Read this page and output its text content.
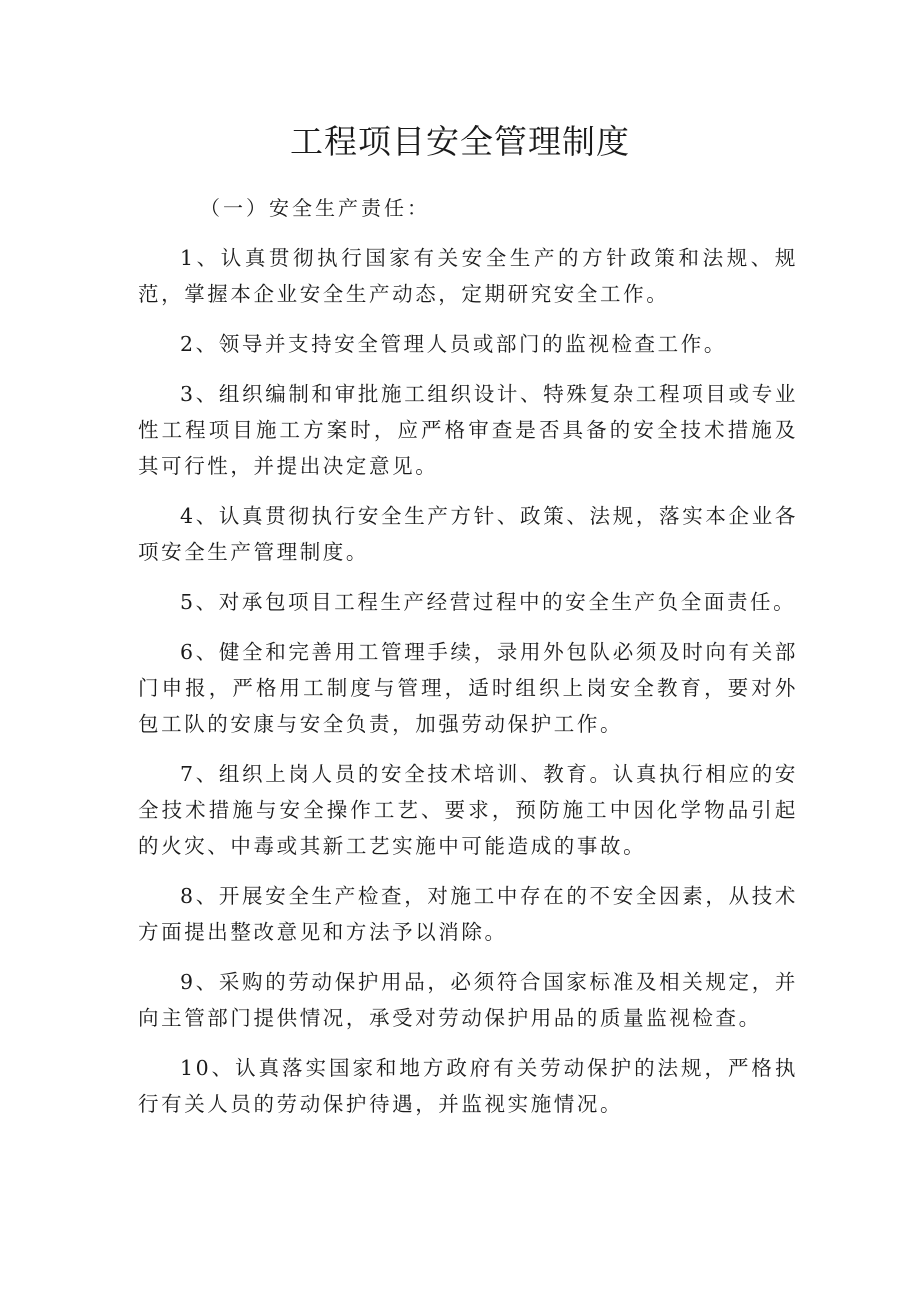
工程项目安全管理制度

（一）安全生产责任：

1、认真贯彻执行国家有关安全生产的方针政策和法规、规范，掌握本企业安全生产动态，定期研究安全工作。

2、领导并支持安全管理人员或部门的监视检查工作。

3、组织编制和审批施工组织设计、特殊复杂工程项目或专业性工程项目施工方案时，应严格审查是否具备的安全技术措施及其可行性，并提出决定意见。

4、认真贯彻执行安全生产方针、政策、法规，落实本企业各项安全生产管理制度。

5、对承包项目工程生产经营过程中的安全生产负全面责任。

6、健全和完善用工管理手续，录用外包队必须及时向有关部门申报，严格用工制度与管理，适时组织上岗安全教育，要对外包工队的安康与安全负责，加强劳动保护工作。

7、组织上岗人员的安全技术培训、教育。认真执行相应的安全技术措施与安全操作工艺、要求，预防施工中因化学物品引起的火灾、中毒或其新工艺实施中可能造成的事故。

8、开展安全生产检查，对施工中存在的不安全因素，从技术方面提出整改意见和方法予以消除。

9、采购的劳动保护用品，必须符合国家标准及相关规定，并向主管部门提供情况，承受对劳动保护用品的质量监视检查。

10、认真落实国家和地方政府有关劳动保护的法规，严格执行有关人员的劳动保护待遇，并监视实施情况。
